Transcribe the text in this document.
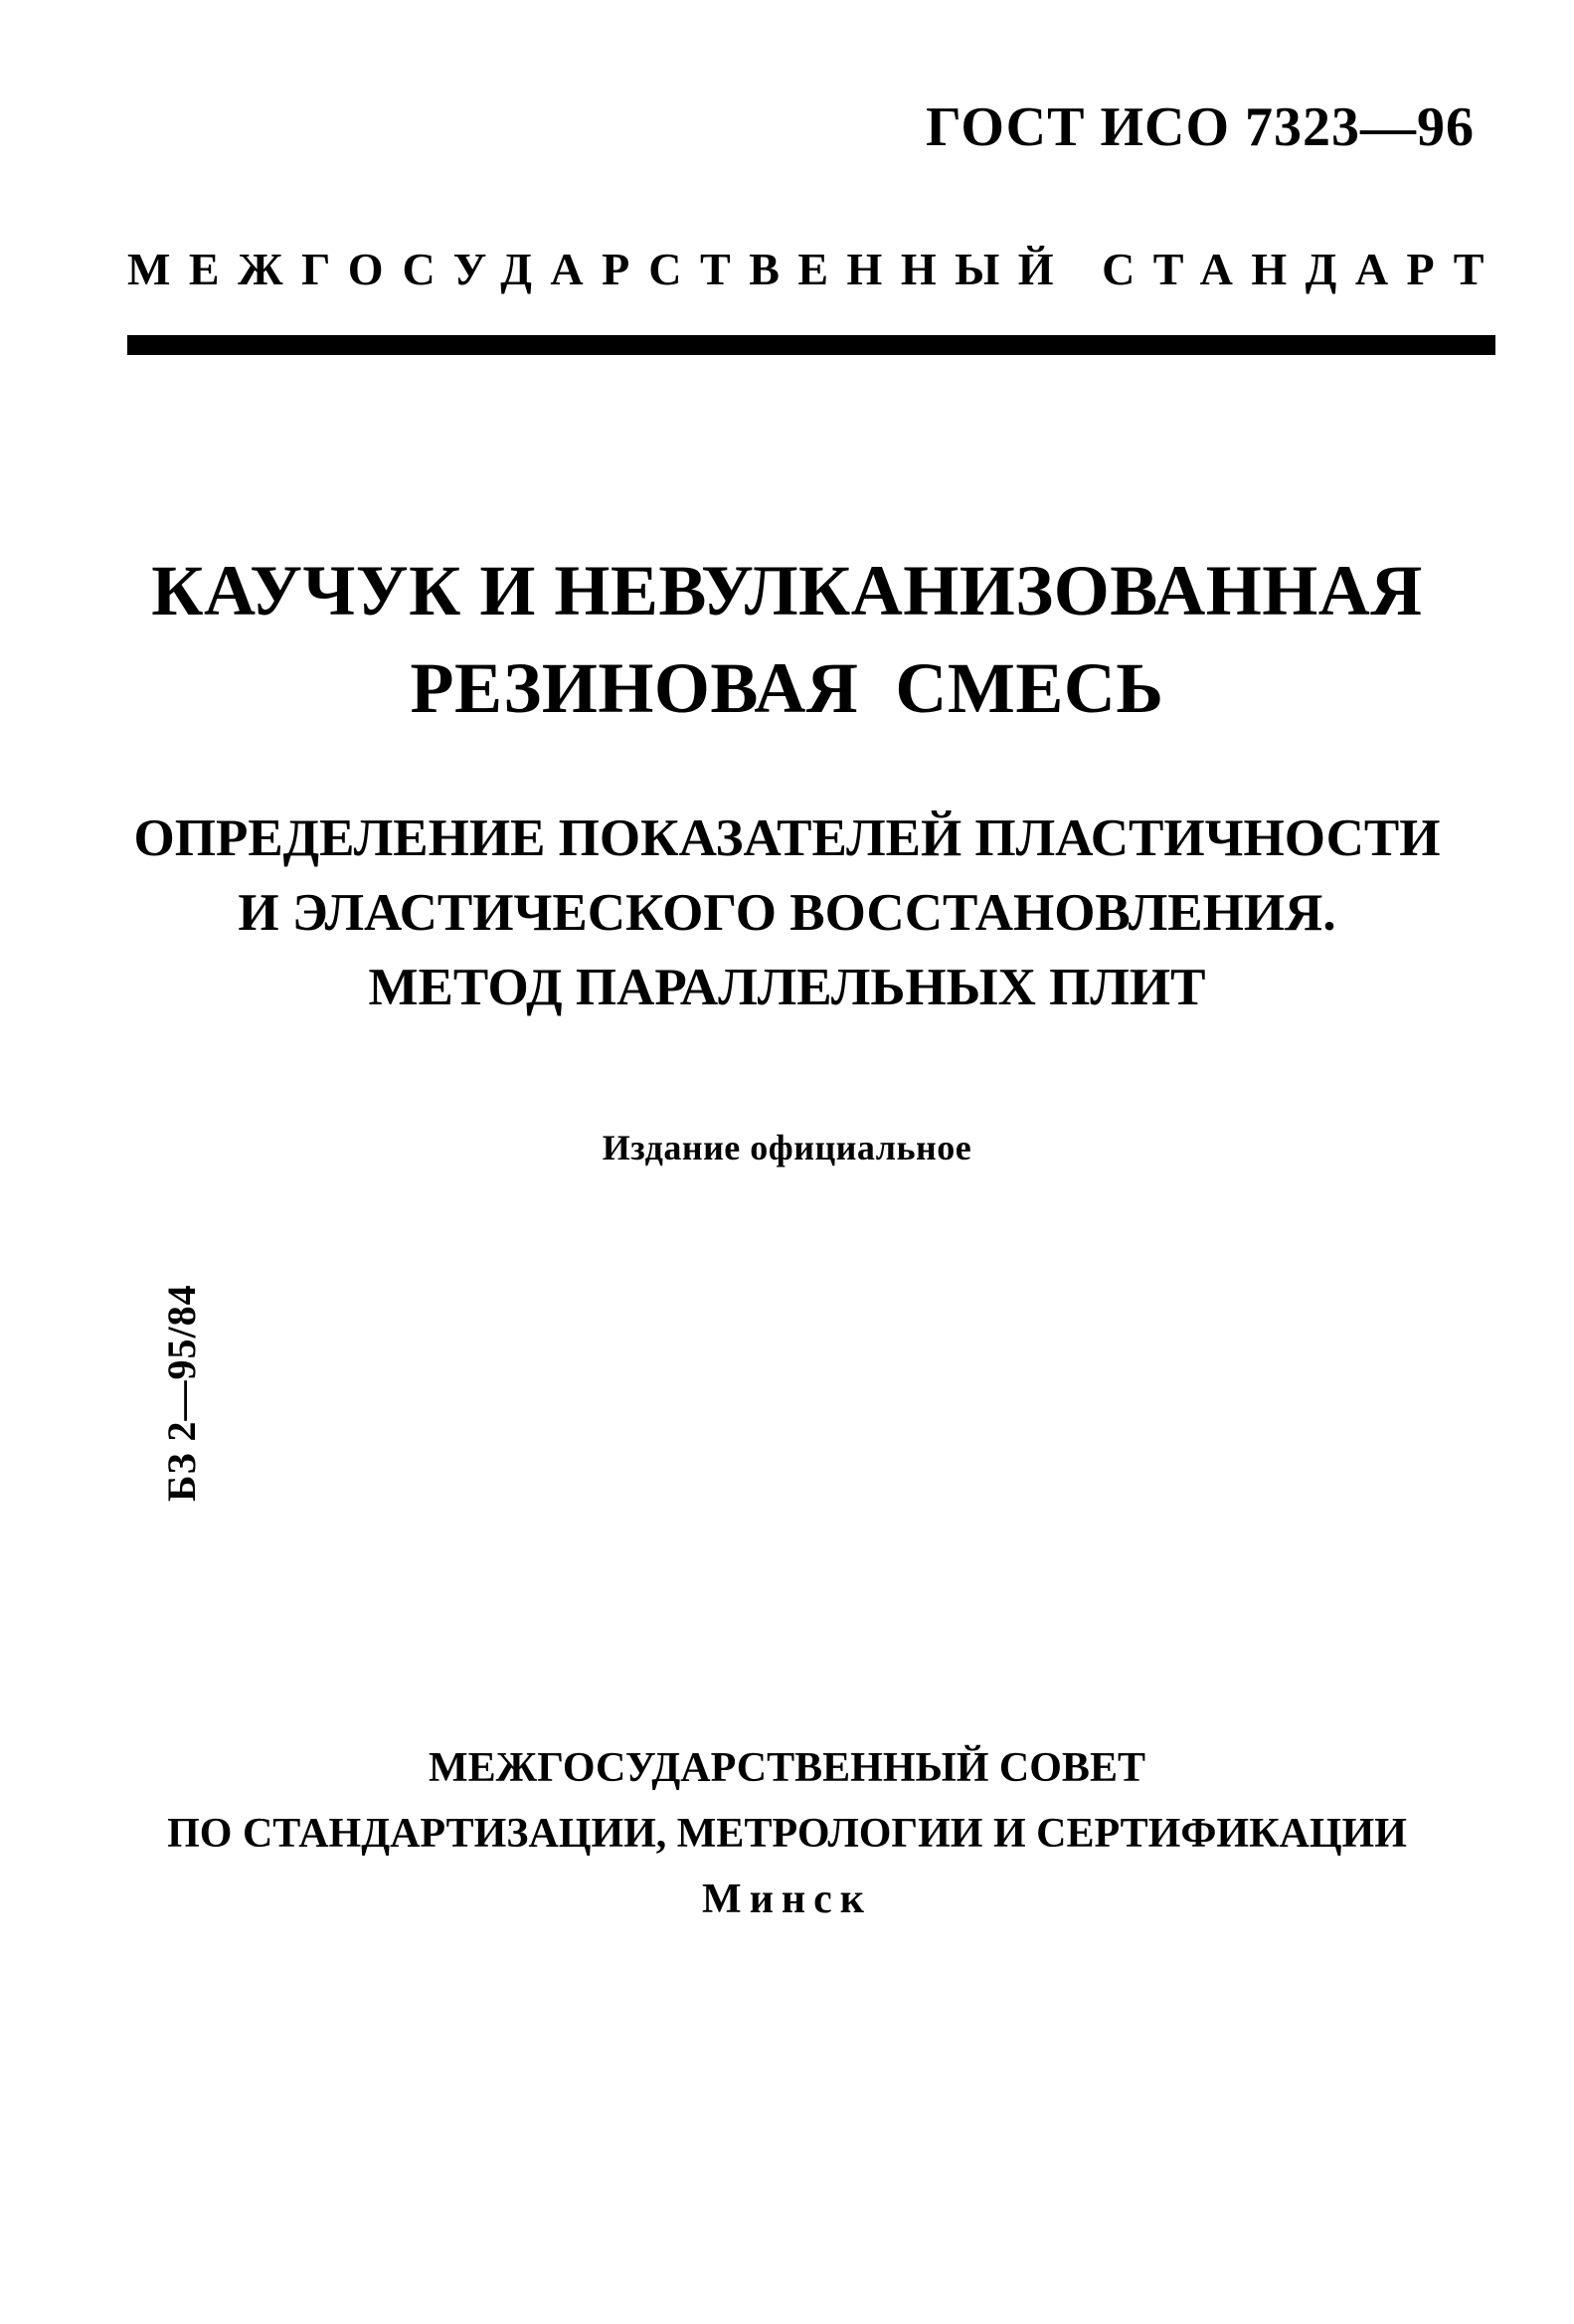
ГОСТ ИСО 7323—96
МЕЖГОСУДАРСТВЕННЫЙ СТАНДАРТ
КАУЧУК И НЕВУЛКАНИЗОВАННАЯ
РЕЗИНОВАЯ  СМЕСЬ
ОПРЕДЕЛЕНИЕ ПОКАЗАТЕЛЕЙ ПЛАСТИЧНОСТИ
И ЭЛАСТИЧЕСКОГО ВОССТАНОВЛЕНИЯ.
МЕТОД ПАРАЛЛЕЛЬНЫХ ПЛИТ
Издание официальное
БЗ 2—95/84
МЕЖГОСУДАРСТВЕННЫЙ СОВЕТ
ПО СТАНДАРТИЗАЦИИ, МЕТРОЛОГИИ И СЕРТИФИКАЦИИ
Минск
